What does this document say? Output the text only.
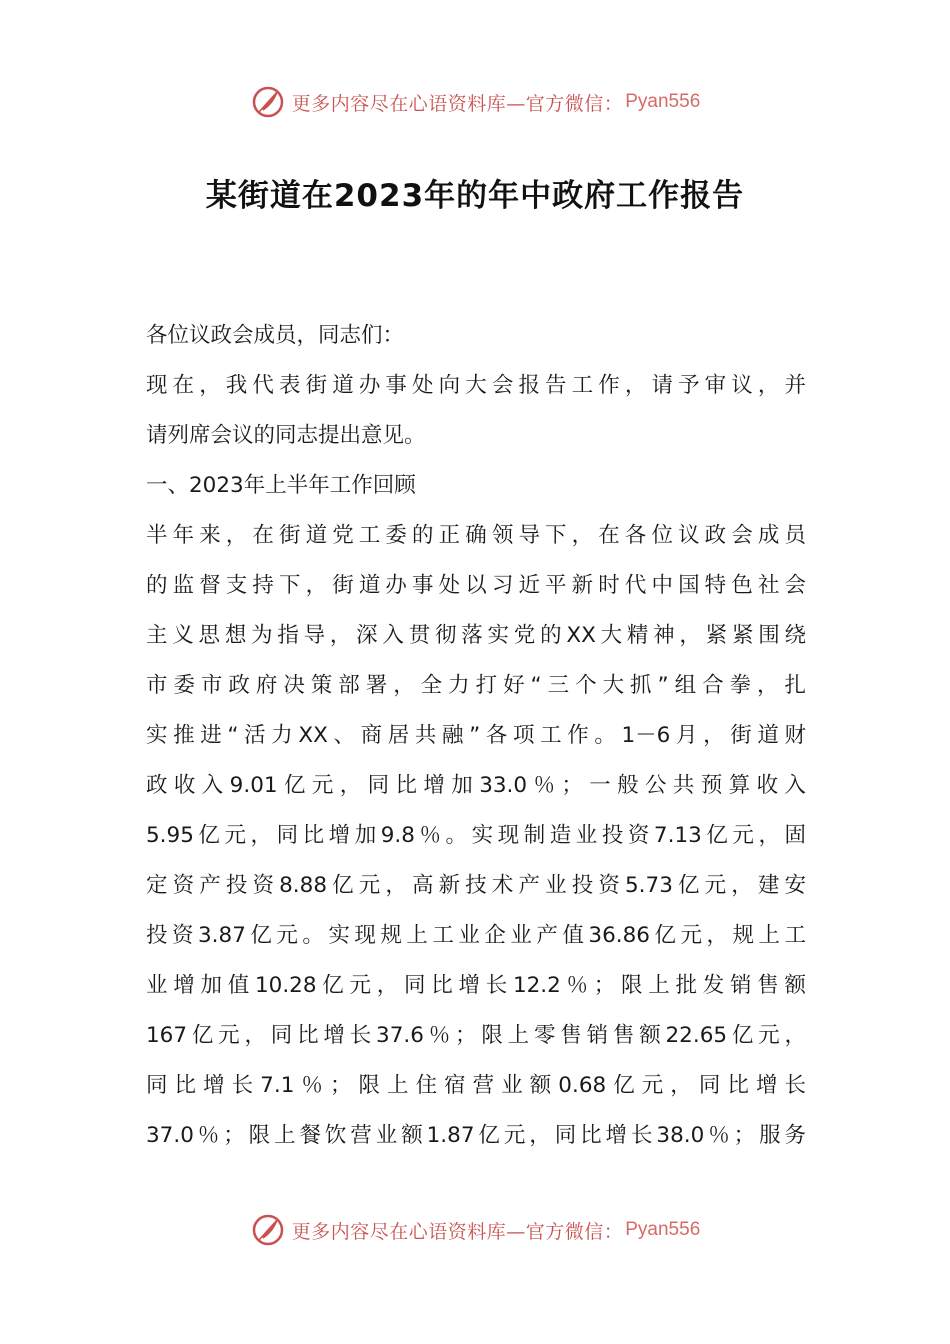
更多内容尽在心语资料库—官方微信： Pyan556
某街道在2023年的年中政府工作报告
各位议政会成员，同志们：
现在，我代表街道办事处向大会报告工作，请予审议，并
请列席会议的同志提出意见。
一、2023年上半年工作回顾
半年来，在街道党工委的正确领导下，在各位议政会成员
的监督支持下，街道办事处以习近平新时代中国特色社会
主义思想为指导，深入贯彻落实党的XX大精神，紧紧围绕
市委市政府决策部署，全力打好“三个大抓”组合拳，扎
实推进“活力XX、商居共融”各项工作。1－6月，街道财
政收入9.01亿元，同比增加33.0％；一般公共预算收入
5.95亿元，同比增加9.8％。实现制造业投资7.13亿元，固
定资产投资8.88亿元，高新技术产业投资5.73亿元，建安
投资3.87亿元。实现规上工业企业产值36.86亿元，规上工
业增加值10.28亿元，同比增长12.2％；限上批发销售额
167亿元，同比增长37.6％；限上零售销售额22.65亿元，
同比增长7.1％；限上住宿营业额0.68亿元，同比增长
37.0％；限上餐饮营业额1.87亿元，同比增长38.0％；服务
更多内容尽在心语资料库—官方微信： Pyan556
